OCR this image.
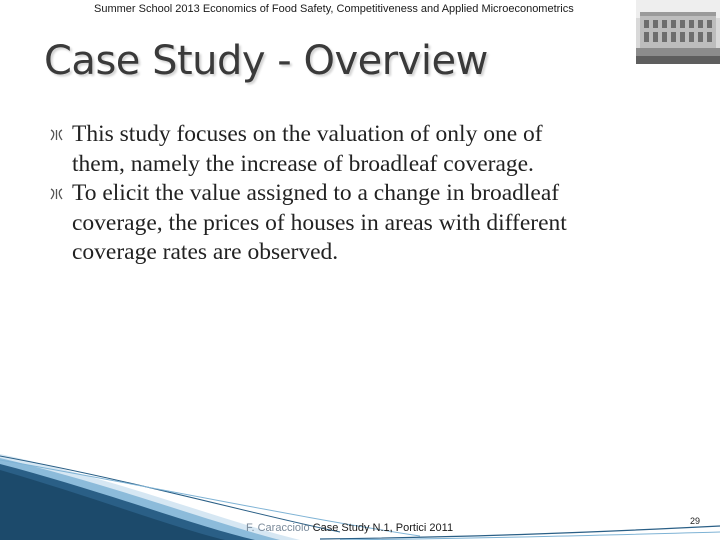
Summer School 2013 Economics of Food Safety, Competitiveness and Applied Microeconometrics
Case Study - Overview
This study focuses on the valuation of only one of
them, namely the increase of broadleaf coverage.
To elicit the value assigned to a change in broadleaf
coverage, the prices of houses in areas with different
coverage rates are observed.
F. Caracciolo Case Study N.1, Portici 2011
29
